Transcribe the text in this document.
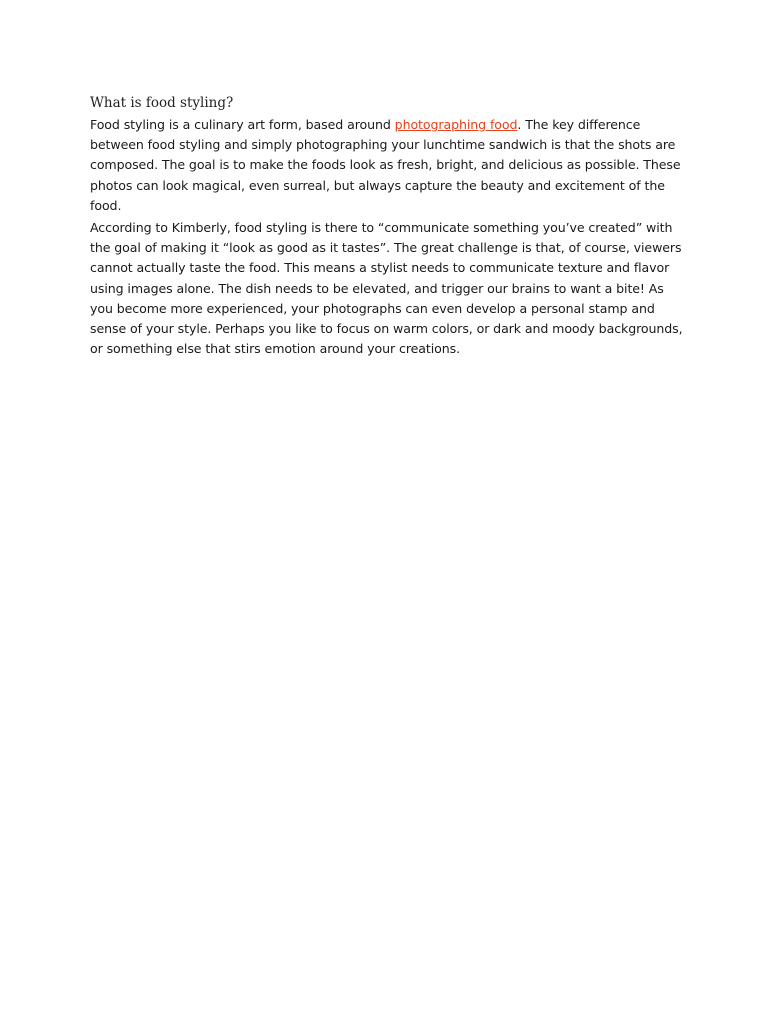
What is food styling?

Food styling is a culinary art form, based around photographing food. The key difference between food styling and simply photographing your lunchtime sandwich is that the shots are composed. The goal is to make the foods look as fresh, bright, and delicious as possible. These photos can look magical, even surreal, but always capture the beauty and excitement of the food.

According to Kimberly, food styling is there to “communicate something you’ve created” with the goal of making it “look as good as it tastes”. The great challenge is that, of course, viewers cannot actually taste the food. This means a stylist needs to communicate texture and flavor using images alone. The dish needs to be elevated, and trigger our brains to want a bite! As you become more experienced, your photographs can even develop a personal stamp and sense of your style. Perhaps you like to focus on warm colors, or dark and moody backgrounds, or something else that stirs emotion around your creations.
